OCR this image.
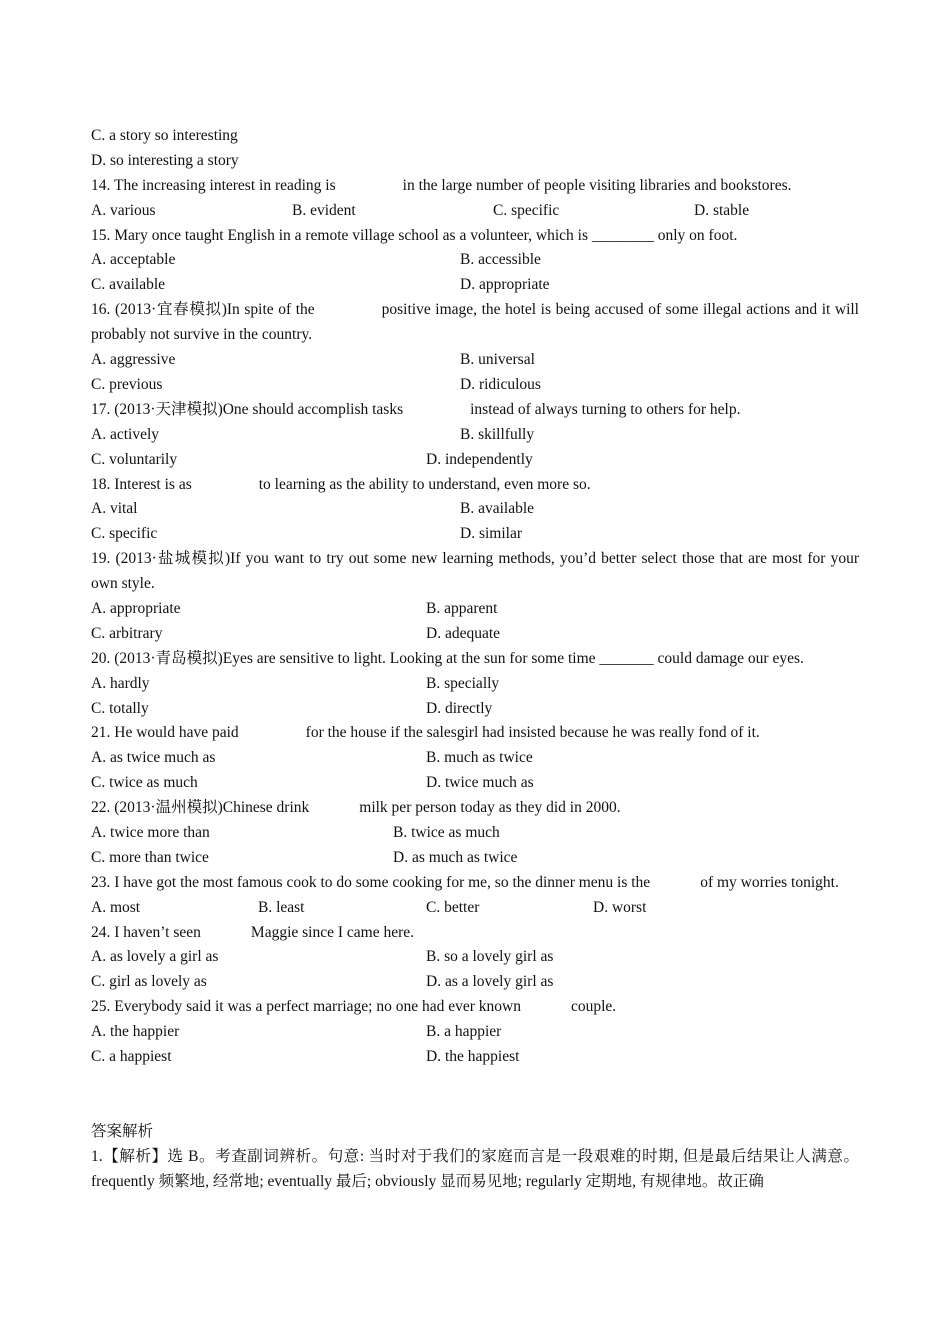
C. a story so interesting
D. so interesting a story
14. The increasing interest in reading is	in the large number of people visiting libraries and bookstores.
A. various	B. evident	C. specific	D. stable
15. Mary once taught English in a remote village school as a volunteer, which is ________ only on foot.
A. acceptable	B. accessible
C. available	D. appropriate
16. (2013·宜春模拟)In spite of the	positive image, the hotel is being accused of some illegal actions and it will probably not survive in the country.
A. aggressive	B. universal
C. previous	D. ridiculous
17. (2013·天津模拟)One should accomplish tasks	instead of always turning to others for help.
A. actively	B. skillfully
C. voluntarily	D. independently
18. Interest is as	to learning as the ability to understand, even more so.
A. vital	B. available
C. specific	D. similar
19. (2013·盐城模拟)If you want to try out some new learning methods, you’d better select those that are most for your own style.
A. appropriate	B. apparent
C. arbitrary	D. adequate
20. (2013·青岛模拟)Eyes are sensitive to light. Looking at the sun for some time _______ could damage our eyes.
A. hardly	B. specially
C. totally	D. directly
21. He would have paid	for the house if the salesgirl had insisted because he was really fond of it.
A. as twice much as	B. much as twice
C. twice as much	D. twice much as
22. (2013·温州模拟)Chinese drink	milk per person today as they did in 2000.
A. twice more than	B. twice as much
C. more than twice	D. as much as twice
23. I have got the most famous cook to do some cooking for me, so the dinner menu is the	of my worries tonight.
A. most	B. least	C. better	D. worst
24. I haven’t seen	Maggie since I came here.
A. as lovely a girl as	B. so a lovely girl as
C. girl as lovely as	D. as a lovely girl as
25. Everybody said it was a perfect marriage; no one had ever known	couple.
A. the happier	B. a happier
C. a happiest	D. the happiest
答案解析
1.【解析】选 B。考查副词辨析。句意: 当时对于我们的家庭而言是一段艰难的时期, 但是最后结果让人满意。frequently 频繁地, 经常地; eventually 最后; obviously 显而易见地; regularly 定期地, 有规律地。故正确
